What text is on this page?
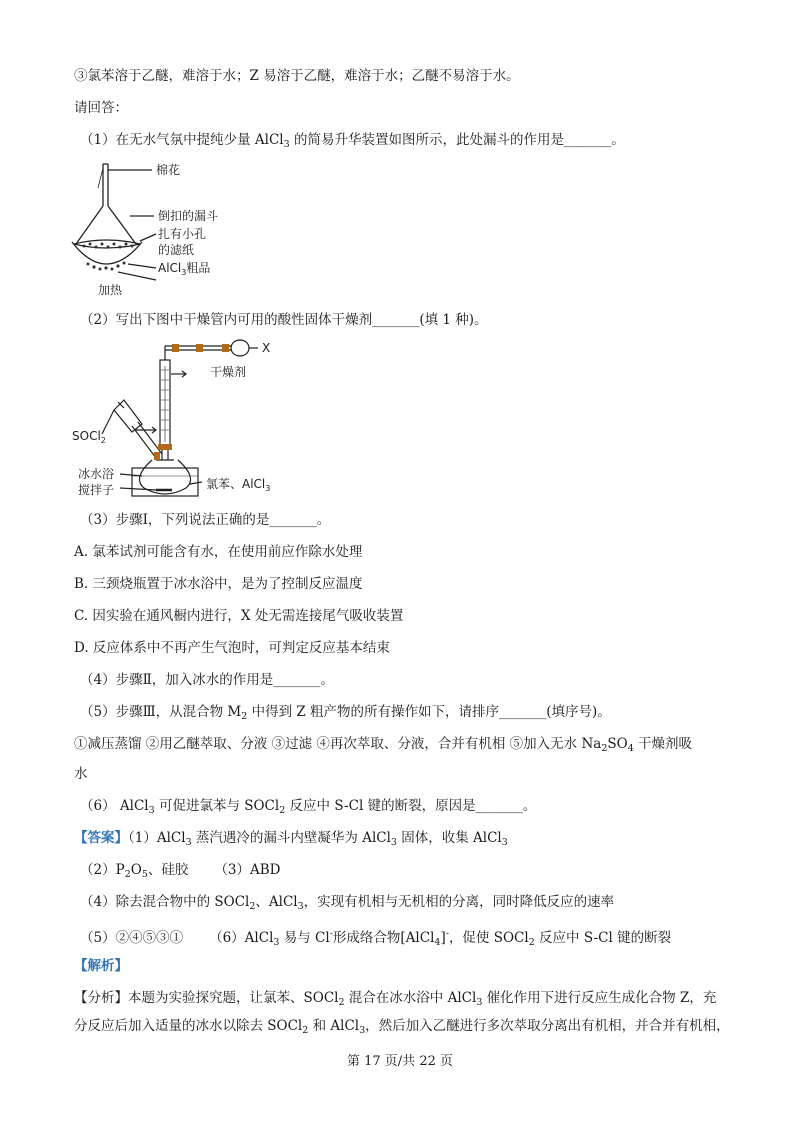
③氯苯溶于乙醚，难溶于水；Z 易溶于乙醚，难溶于水；乙醚不易溶于水。
请回答：
（1）在无水气氛中提纯少量 AlCl$_3$ 的简易升华装置如图所示，此处漏斗的作用是_______。
棉花
倒扣的漏斗
扎有小孔
的滤纸
AlCl$_3$粗品
加热
（2）写出下图中干燥管内可用的酸性固体干燥剂_______(填 1 种)。
X
干燥剂
SOCl$_2$
冰水浴
搅拌子	氯苯、AlCl$_3$
（3）步骤Ⅰ，下列说法正确的是_______。
A. 氯苯试剂可能含有水，在使用前应作除水处理
B. 三颈烧瓶置于冰水浴中，是为了控制反应温度
C. 因实验在通风橱内进行，X 处无需连接尾气吸收装置
D. 反应体系中不再产生气泡时，可判定反应基本结束
（4）步骤Ⅱ，加入冰水的作用是_______。
（5）步骤Ⅲ，从混合物 $M_2$ 中得到 Z 粗产物的所有操作如下，请排序_______(填序号)。
①减压蒸馏 ②用乙醚萃取、分液 ③过滤 ④再次萃取、分液，合并有机相 ⑤加入无水 $Na_2SO_4$ 干燥剂吸
水
（6） AlCl$_3$ 可促进氯苯与 SOCl$_2$ 反应中 S-Cl 键的断裂，原因是_______。
【答案】（1）AlCl$_3$ 蒸汽遇冷的漏斗内壁凝华为 AlCl$_3$ 固体，收集 AlCl$_3$
$(2)P_2O_5$、硅胶 （3）ABD
（4）除去混合物中的 SOCl$_2$、AlCl$_3$，实现有机相与无机相的分离，同时降低反应的速率
（5）②④⑤③① （6）AlCl$_3$ 易与 Cl-形成络合物[AlCl$_4$]-，促使 SOCl$_2$ 反应中 S-Cl 键的断裂
【解析】
【分析】本题为实验探究题，让氯苯、SOCl$_2$ 混合在冰水浴中 AlCl$_3$ 催化作用下进行反应生成化合物 Z，充
分反应后加入适量的冰水以除去 SOCl$_2$ 和 AlCl$_3$，然后加入乙醚进行多次萃取分离出有机相，并合并有机相，
第 17 页/共 22 页
